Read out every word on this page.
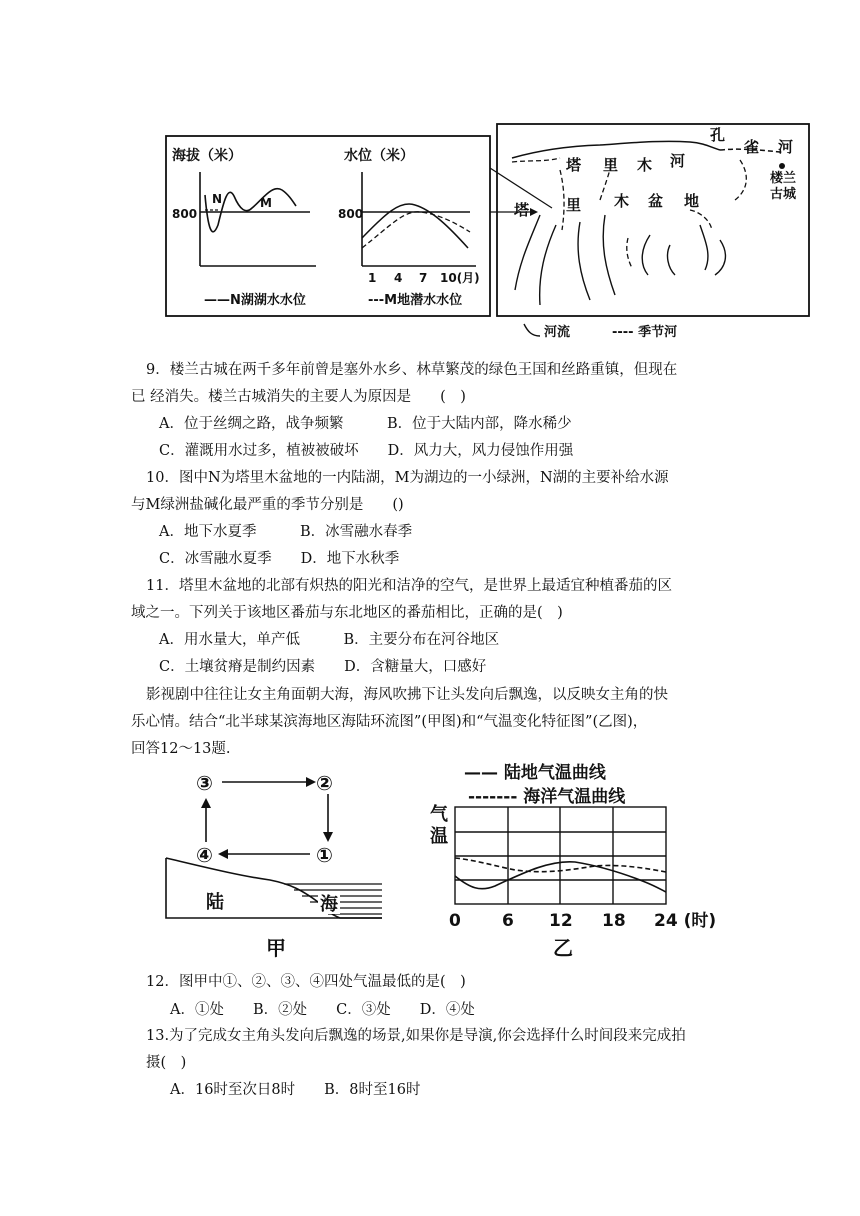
海拔（米）
800
N	M
水位（米）
800
1 4 7 10(月)
——N湖湖水水位	---M地潜水水位
塔 里 木 河
孔
雀 河
楼兰
古城
塔 里 木 盆 地
河流	---- 季节河
9．楼兰古城在两千多年前曾是塞外水乡、林草繁茂的绿色王国和丝路重镇，但现在
已 经消失。楼兰古城消失的主要人为原因是　　(　)
A．位于丝绸之路，战争频繁　　　B．位于大陆内部，降水稀少
C．灌溉用水过多，植被被破坏　　D．风力大，风力侵蚀作用强
10．图中N为塔里木盆地的一内陆湖，M为湖边的一小绿洲，N湖的主要补给水源
与M绿洲盐碱化最严重的季节分别是　　()
A．地下水夏季　　　B．冰雪融水春季
C．冰雪融水夏季　　D．地下水秋季
11．塔里木盆地的北部有炽热的阳光和洁净的空气，是世界上最适宜种植番茄的区
域之一。下列关于该地区番茄与东北地区的番茄相比，正确的是(　)
A．用水量大，单产低　　　B．主要分布在河谷地区
C．土壤贫瘠是制约因素　　D．含糖量大，口感好
影视剧中往往让女主角面朝大海，海风吹拂下让头发向后飘逸，以反映女主角的快
乐心情。结合“北半球某滨海地区海陆环流图”(甲图)和“气温变化特征图”(乙图)，
回答12～13题.
③	②
④	①
陆	海
甲
—— 陆地气温曲线
------- 海洋气温曲线
气
温
0 6 12 18 24 (时)
乙
12．图甲中①、②、③、④四处气温最低的是(　)
A．①处　　B．②处　　C．③处　　D．④处
13.为了完成女主角头发向后飘逸的场景,如果你是导演,你会选择什么时间段来完成拍
摄(　)
A．16时至次日8时　　B．8时至16时
